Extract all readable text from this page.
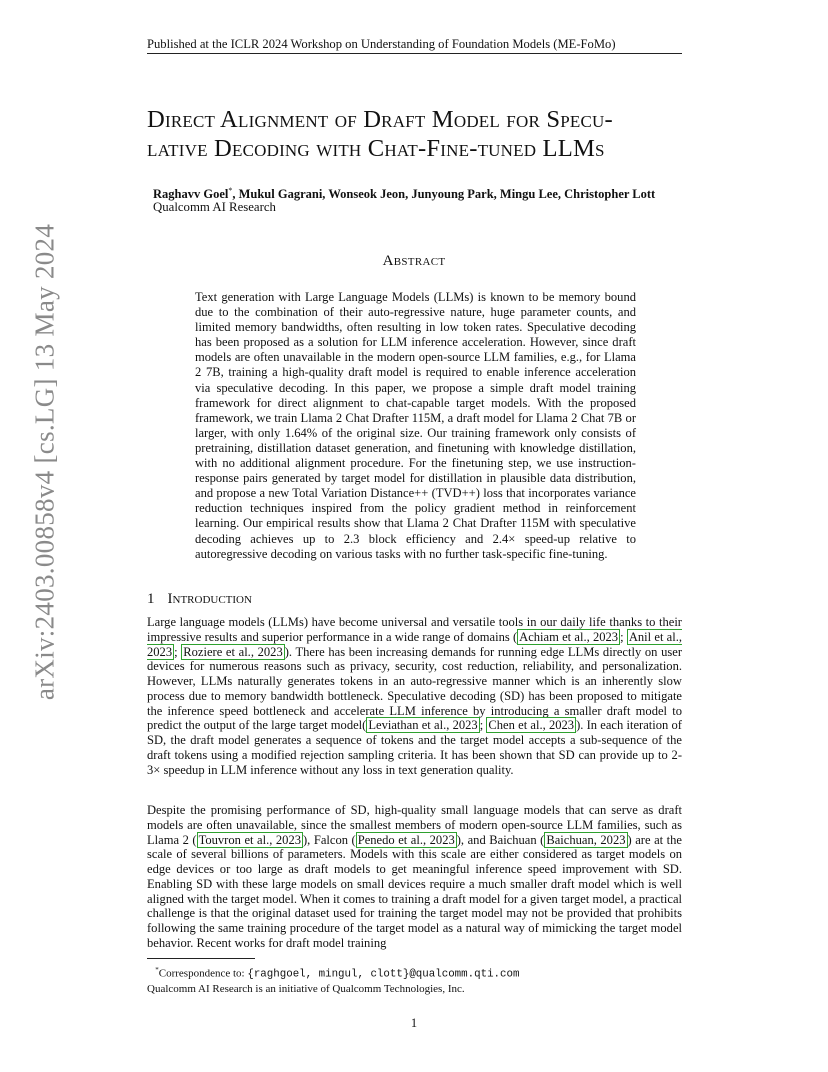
Published at the ICLR 2024 Workshop on Understanding of Foundation Models (ME-FoMo)
arXiv:2403.00858v4 [cs.LG] 13 May 2024
Direct Alignment of Draft Model for Specu-
lative Decoding with Chat-Fine-tuned LLMs
Raghavv Goel*, Mukul Gagrani, Wonseok Jeon, Junyoung Park, Mingu Lee, Christopher Lott
Qualcomm AI Research
Abstract

Text generation with Large Language Models (LLMs) is known to be memory bound due to the combination of their auto-regressive nature, huge parameter counts, and limited memory bandwidths, often resulting in low token rates. Speculative decoding has been proposed as a solution for LLM inference acceleration. However, since draft models are often unavailable in the modern open-source LLM families, e.g., for Llama 2 7B, training a high-quality draft model is required to enable inference acceleration via speculative decoding. In this paper, we propose a simple draft model training framework for direct alignment to chat-capable target models. With the proposed framework, we train Llama 2 Chat Drafter 115M, a draft model for Llama 2 Chat 7B or larger, with only 1.64% of the original size. Our training framework only consists of pretraining, distillation dataset generation, and finetuning with knowledge distillation, with no additional alignment procedure. For the finetuning step, we use instruction-response pairs generated by target model for distillation in plausible data distribution, and propose a new Total Variation Distance++ (TVD++) loss that incorporates variance reduction techniques inspired from the policy gradient method in reinforcement learning. Our empirical results show that Llama 2 Chat Drafter 115M with speculative decoding achieves up to 2.3 block efficiency and 2.4× speed-up relative to autoregressive decoding on various tasks with no further task-specific fine-tuning.

1 Introduction

Large language models (LLMs) have become universal and versatile tools in our daily life thanks to their impressive results and superior performance in a wide range of domains ( Achiam et al., 2023 ; Anil et al., 2023 ; Roziere et al., 2023 ). There has been increasing demands for running edge LLMs directly on user devices for numerous reasons such as privacy, security, cost reduction, reliability, and personalization. However, LLMs naturally generates tokens in an auto-regressive manner which is an inherently slow process due to memory bandwidth bottleneck. Speculative decoding (SD) has been proposed to mitigate the inference speed bottleneck and accelerate LLM inference by introducing a smaller draft model to predict the output of the large target model( Leviathan et al., 2023 ; Chen et al., 2023 ). In each iteration of SD, the draft model generates a sequence of tokens and the target model accepts a sub-sequence of the draft tokens using a modified rejection sampling criteria. It has been shown that SD can provide up to 2-3× speedup in LLM inference without any loss in text generation quality.

Despite the promising performance of SD, high-quality small language models that can serve as draft models are often unavailable, since the smallest members of modern open-source LLM families, such as Llama 2 ( Touvron et al., 2023 ), Falcon ( Penedo et al., 2023 ), and Baichuan ( Baichuan, 2023 ) are at the scale of several billions of parameters. Models with this scale are either considered as target models on edge devices or too large as draft models to get meaningful inference speed improvement with SD. Enabling SD with these large models on small devices require a much smaller draft model which is well aligned with the target model. When it comes to training a draft model for a given target model, a practical challenge is that the original dataset used for training the target model may not be provided that prohibits following the same training procedure of the target model as a natural way of mimicking the target model behavior. Recent works for draft model training

*Correspondence to: {raghgoel, mingul, clott}@qualcomm.qti.com
Qualcomm AI Research is an initiative of Qualcomm Technologies, Inc.
1
